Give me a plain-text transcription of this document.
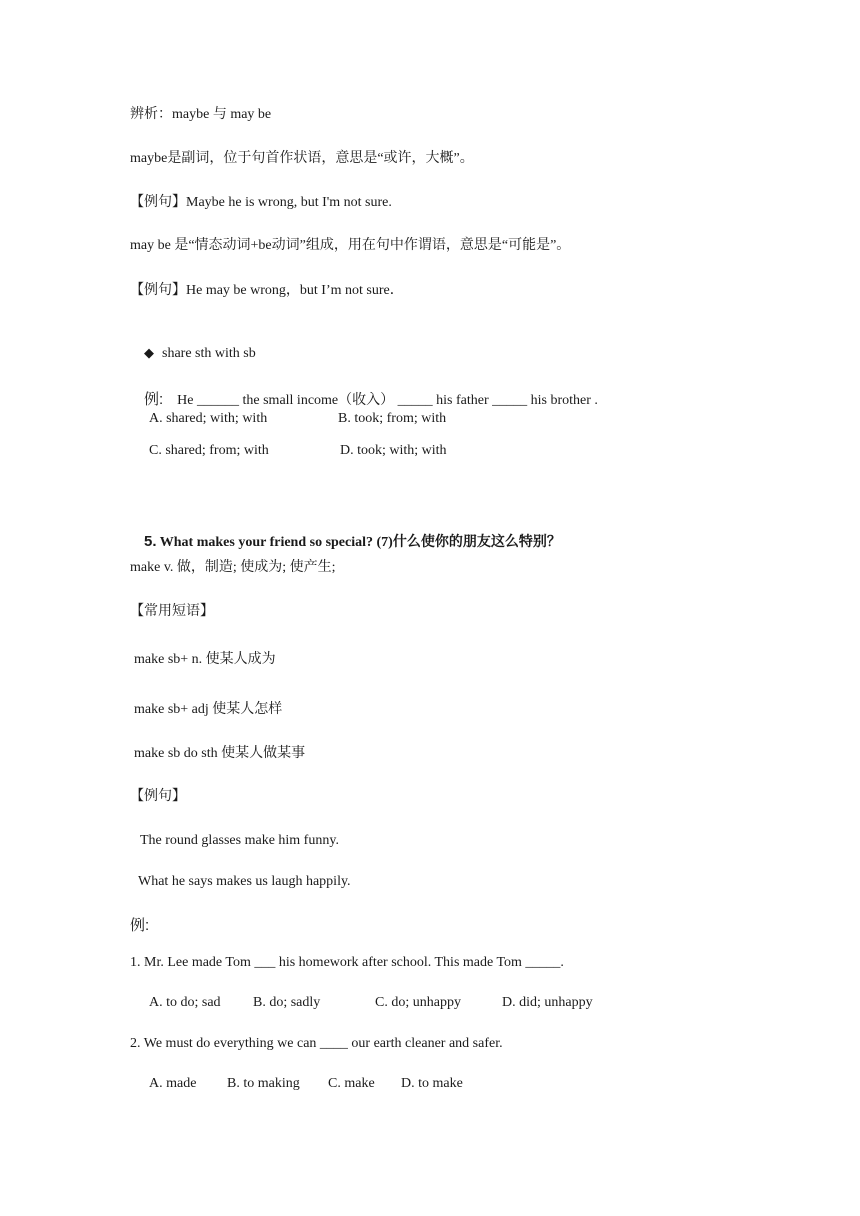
辨析：maybe 与 may be
maybe是副词，位于句首作状语，意思是“或许，大概”。
【例句】Maybe he is wrong, but I'm not sure.
may be 是“情态动词+be动词”组成，用在句中作谓语，意思是“可能是”。
【例句】He may be wrong，but I’m not sure．

◆ share sth with sb

例: He ______ the small income（收入） _____ his father _____ his brother .

A. shared; with; with	B. took; from; with
C. shared; from; with	D. took; with; with

5. What makes your friend so special? (7)什么使你的朋友这么特别？

make v. 做，制造; 使成为; 使产生;
【常用短语】
make sb+ n. 使某人成为
make sb+ adj 使某人怎样
make sb do sth 使某人做某事
【例句】
The round glasses make him funny.
What he says makes us laugh happily.
例:
1. Mr. Lee made Tom ___ his homework after school. This made Tom _____.
A. to do; sad B. do; sadly	C. do; unhappy	D. did; unhappy
2. We must do everything we can ____ our earth cleaner and safer.
A. made B. to making C. make D. to make
